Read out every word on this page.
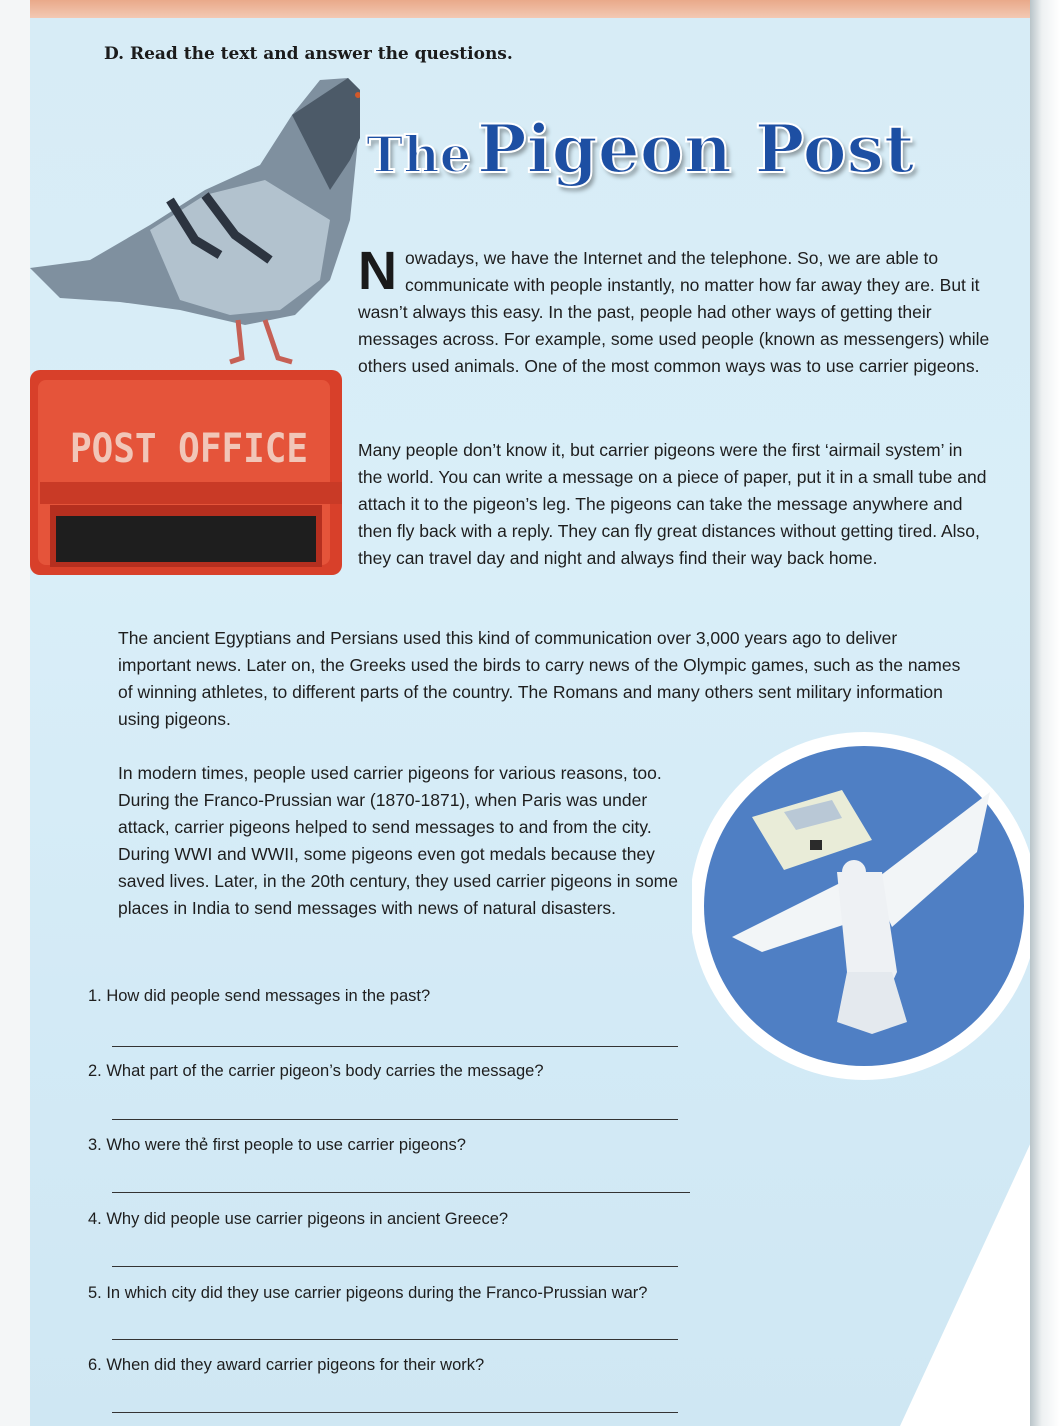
D. Read the text and answer the questions.
The Pigeon Post
POST OFFICE
N owadays, we have the Internet and the telephone. So, we are able to communicate with people instantly, no matter how far away they are. But it wasn’t always this easy. In the past, people had other ways of getting their messages across. For example, some used people (known as messengers) while others used animals. One of the most common ways was to use carrier pigeons.
Many people don’t know it, but carrier pigeons were the first ‘airmail system’ in the world. You can write a message on a piece of paper, put it in a small tube and attach it to the pigeon’s leg. The pigeons can take the message anywhere and then fly back with a reply. They can fly great distances without getting tired. Also, they can travel day and night and always find their way back home.
The ancient Egyptians and Persians used this kind of communication over 3,000 years ago to deliver important news. Later on, the Greeks used the birds to carry news of the Olympic games, such as the names of winning athletes, to different parts of the country. The Romans and many others sent military information using pigeons.
In modern times, people used carrier pigeons for various reasons, too. During the Franco-Prussian war (1870-1871), when Paris was under attack, carrier pigeons helped to send messages to and from the city. During WWI and WWII, some pigeons even got medals because they saved lives. Later, in the 20th century, they used carrier pigeons in some places in India to send messages with news of natural disasters.
1. How did people send messages in the past?
2. What part of the carrier pigeon’s body carries the message?
3. Who were thẻ first people to use carrier pigeons?
4. Why did people use carrier pigeons in ancient Greece?
5. In which city did they use carrier pigeons during the Franco-Prussian war?
6. When did they award carrier pigeons for their work?
